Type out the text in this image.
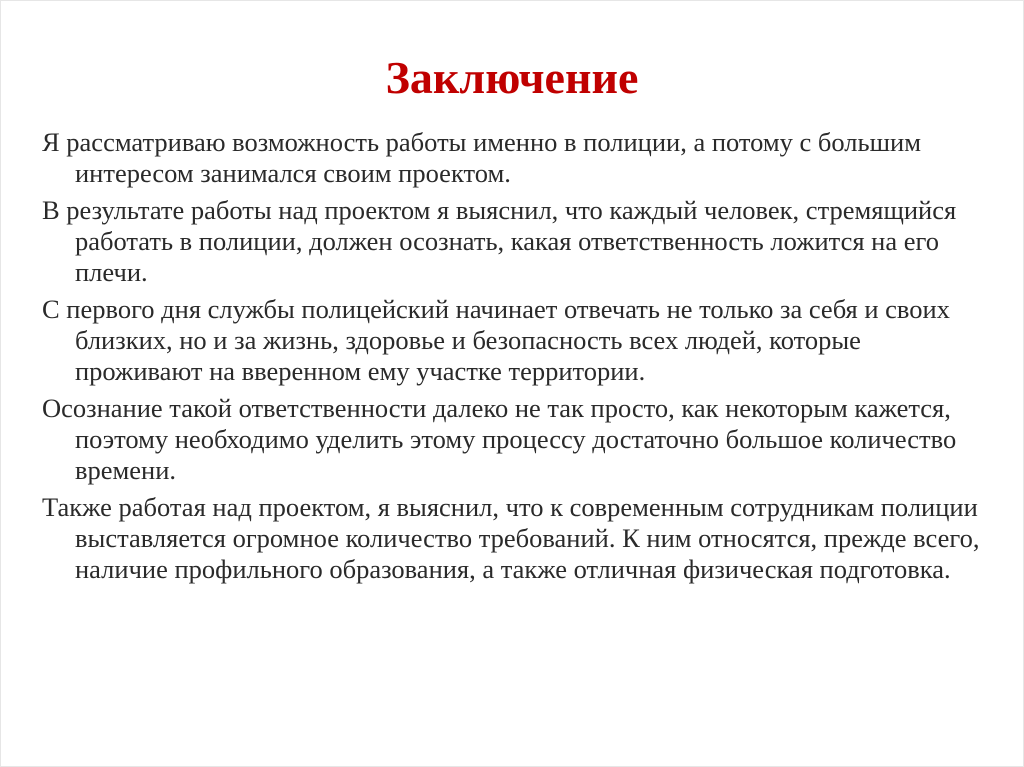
Заключение

Я рассматриваю возможность работы именно в полиции, а потому с большим интересом занимался своим проектом.

В результате работы над проектом я выяснил, что каждый человек, стремящийся работать в полиции, должен осознать, какая ответственность ложится на его плечи.

С первого дня службы полицейский начинает отвечать не только за себя и своих близких, но и за жизнь, здоровье и безопасность всех людей, которые проживают на вверенном ему участке территории.

Осознание такой ответственности далеко не так просто, как некоторым кажется, поэтому необходимо уделить этому процессу достаточно большое количество времени.

Также работая над проектом, я выяснил, что к современным сотрудникам полиции выставляется огромное количество требований. К ним относятся, прежде всего, наличие профильного образования, а также отличная физическая подготовка.
